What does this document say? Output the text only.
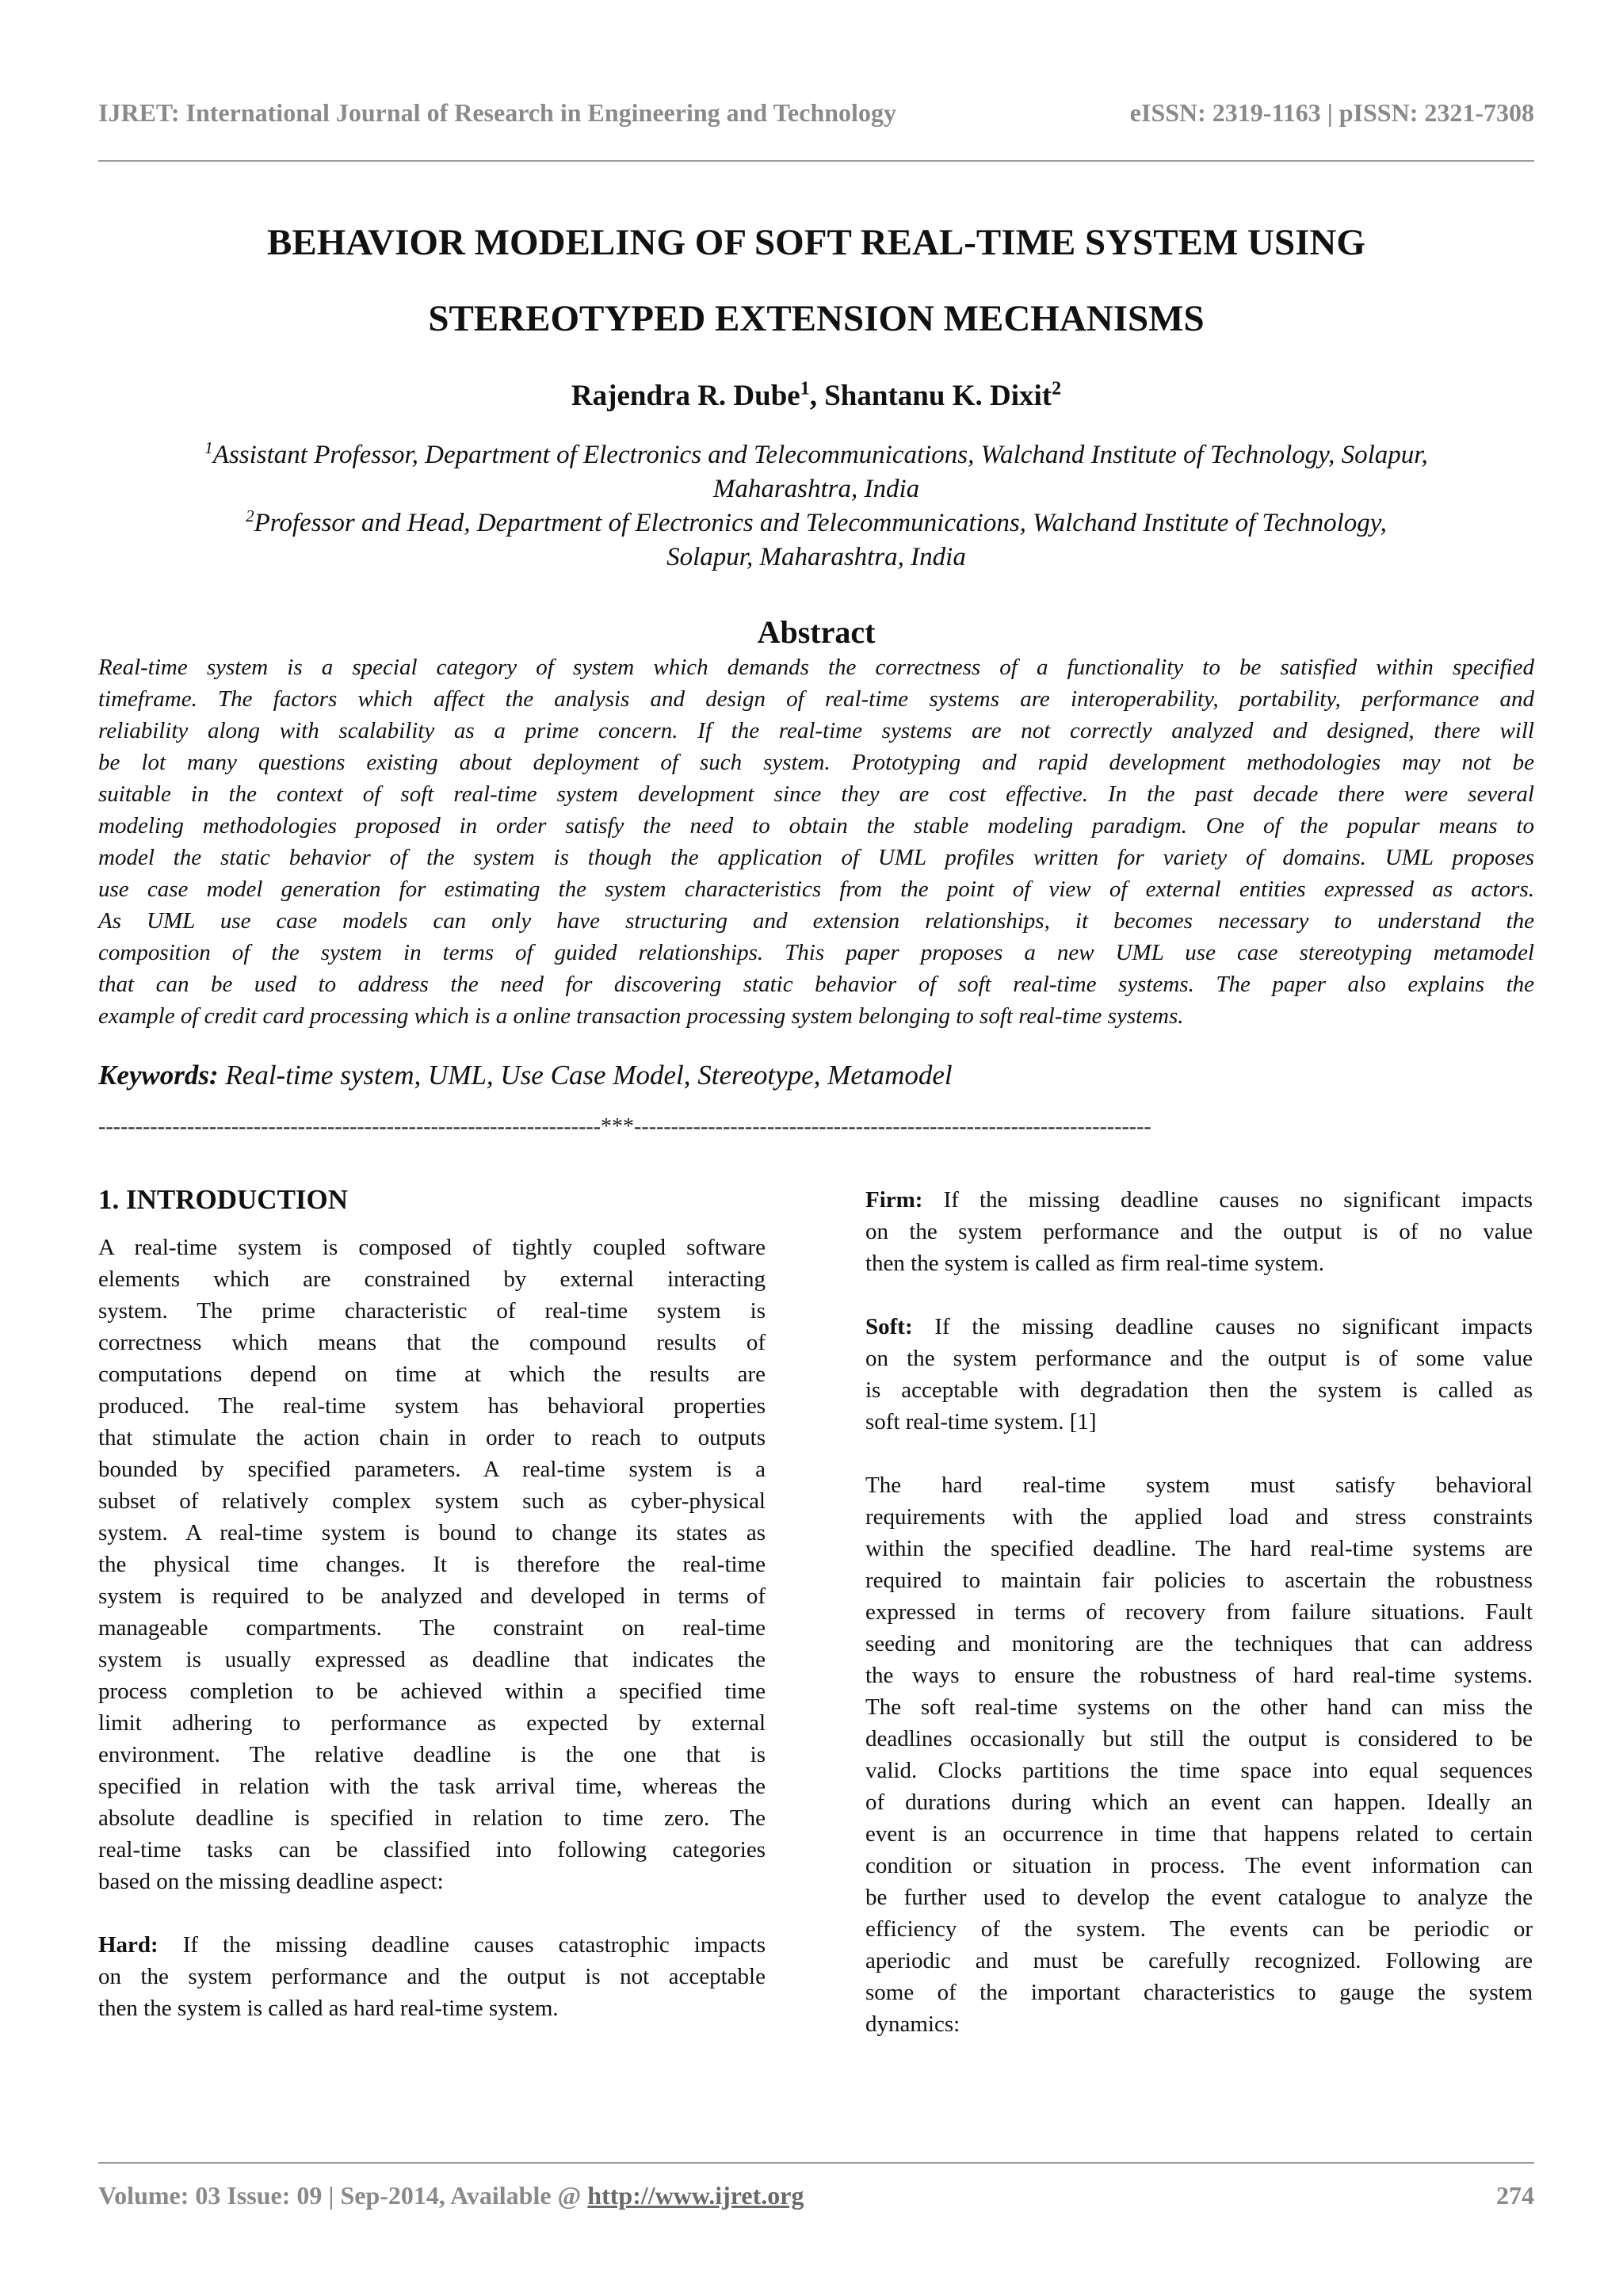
IJRET: International Journal of Research in Engineering and Technology	eISSN: 2319-1163 | pISSN: 2321-7308
BEHAVIOR MODELING OF SOFT REAL-TIME SYSTEM USING
STEREOTYPED EXTENSION MECHANISMS
Rajendra R. Dube$^1$, Shantanu K. Dixit$^2$
$^1$Assistant Professor, Department of Electronics and Telecommunications, Walchand Institute of Technology, Solapur,
Maharashtra, India
$^2$Professor and Head, Department of Electronics and Telecommunications, Walchand Institute of Technology,
Solapur, Maharashtra, India
Abstract
Real-time system is a special category of system which demands the correctness of a functionality to be satisfied within specified
timeframe. The factors which affect the analysis and design of real-time systems are interoperability, portability, performance and
reliability along with scalability as a prime concern. If the real-time systems are not correctly analyzed and designed, there will
be lot many questions existing about deployment of such system. Prototyping and rapid development methodologies may not be
suitable in the context of soft real-time system development since they are cost effective. In the past decade there were several
modeling methodologies proposed in order satisfy the need to obtain the stable modeling paradigm. One of the popular means to
model the static behavior of the system is though the application of UML profiles written for variety of domains. UML proposes
use case model generation for estimating the system characteristics from the point of view of external entities expressed as actors.
As UML use case models can only have structuring and extension relationships, it becomes necessary to understand the
composition of the system in terms of guided relationships. This paper proposes a new UML use case stereotyping metamodel
that can be used to address the need for discovering static behavior of soft real-time systems. The paper also explains the
example of credit card processing which is a online transaction processing system belonging to soft real-time systems.
Keywords: Real-time system, UML, Use Case Model, Stereotype, Metamodel
--------------------------------------------------------------------***----------------------------------------------------------------------
1. INTRODUCTION
A real-time system is composed of tightly coupled software
elements which are constrained by external interacting
system. The prime characteristic of real-time system is
correctness which means that the compound results of
computations depend on time at which the results are
produced. The real-time system has behavioral properties
that stimulate the action chain in order to reach to outputs
bounded by specified parameters. A real-time system is a
subset of relatively complex system such as cyber-physical
system. A real-time system is bound to change its states as
the physical time changes. It is therefore the real-time
system is required to be analyzed and developed in terms of
manageable compartments. The constraint on real-time
system is usually expressed as deadline that indicates the
process completion to be achieved within a specified time
limit adhering to performance as expected by external
environment. The relative deadline is the one that is
specified in relation with the task arrival time, whereas the
absolute deadline is specified in relation to time zero. The
real-time tasks can be classified into following categories
based on the missing deadline aspect:
Hard: If the missing deadline causes catastrophic impacts
on the system performance and the output is not acceptable
then the system is called as hard real-time system.
Firm: If the missing deadline causes no significant impacts
on the system performance and the output is of no value
then the system is called as firm real-time system.
Soft: If the missing deadline causes no significant impacts
on the system performance and the output is of some value
is acceptable with degradation then the system is called as
soft real-time system. [1]
The hard real-time system must satisfy behavioral
requirements with the applied load and stress constraints
within the specified deadline. The hard real-time systems are
required to maintain fair policies to ascertain the robustness
expressed in terms of recovery from failure situations. Fault
seeding and monitoring are the techniques that can address
the ways to ensure the robustness of hard real-time systems.
The soft real-time systems on the other hand can miss the
deadlines occasionally but still the output is considered to be
valid. Clocks partitions the time space into equal sequences
of durations during which an event can happen. Ideally an
event is an occurrence in time that happens related to certain
condition or situation in process. The event information can
be further used to develop the event catalogue to analyze the
efficiency of the system. The events can be periodic or
aperiodic and must be carefully recognized. Following are
some of the important characteristics to gauge the system
dynamics:
Volume: 03 Issue: 09 | Sep-2014, Available @ http://www.ijret.org	274
